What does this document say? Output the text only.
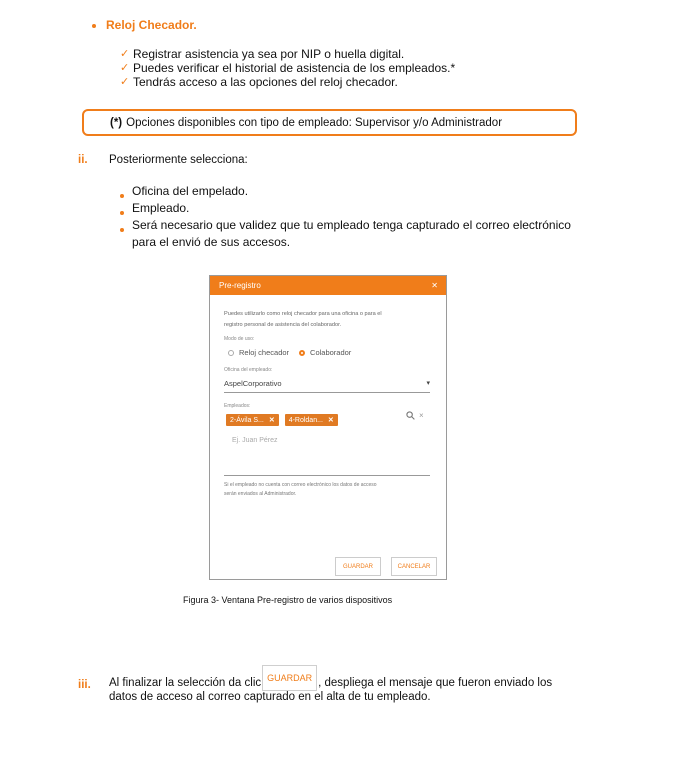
Reloj Checador.
✓ Registrar asistencia ya sea por NIP o huella digital.
✓ Puedes verificar el historial de asistencia de los empleados.*
✓ Tendrás acceso a las opciones del reloj checador.
(*) Opciones disponibles con tipo de empleado: Supervisor y/o Administrador
ii. Posteriormente selecciona:
Oficina del empelado.
Empleado.
Será necesario que validez que tu empleado tenga capturado el correo electrónico
para el envió de sus accesos.
Pre-registro	✕
Puedes utilizarlo como reloj checador para una oficina o para el
registro personal de asistencia del colaborador.
Modo de uso:
Reloj checador	Colaborador
Oficina del empleado:
AspelCorporativo	▾
Empleados:
2-Ávila S... ✕	4-Roldan... ✕
×
Ej. Juan Pérez
Si el empleado no cuenta con correo electrónico los datos de acceso
serán enviados al Administrador.
GUARDAR	CANCELAR
Figura 3- Ventana Pre-registro de varios dispositivos
iii. Al finalizar la selección da clic GUARDAR , despliega el mensaje que fueron enviado los
datos de acceso al correo capturado en el alta de tu empleado.
